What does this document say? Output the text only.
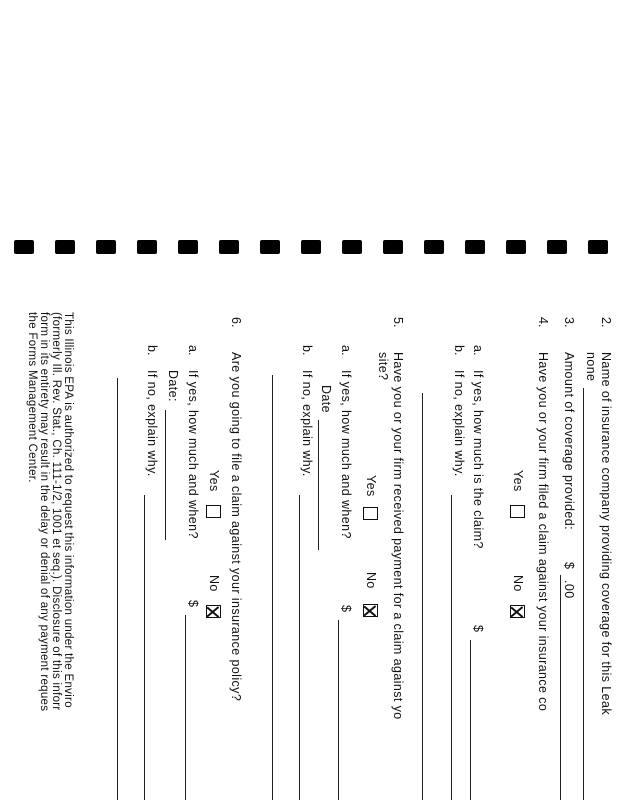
2.
Name of insurance company providing coverage for this Leak
none
3.
Amount of coverage provided:
$
.00
4.
Have you or your firm filed a claim against your insurance co
Yes
No
a.
If yes, how much is the claim?
$
b.
If no, explain why.
5.
Have you or your firm received payment for a claim against yo
site?
Yes
No
a.
If yes, how much and when?
$
Date
b.
If no, explain why.
6.
Are you going to file a claim against your insurance policy?
Yes
No
a.
If yes, how much and when?
$
Date:
b.
If no, explain why.
This Illinois EPA is authorized to request this information under the Enviro
(formerly Ill. Rev. Stat., Ch. 111-1/2, 1001 et seq.). Disclosure of this inforr
form in its entirety may result in the delay or denial of any payment reques
the Forms Management Center.
